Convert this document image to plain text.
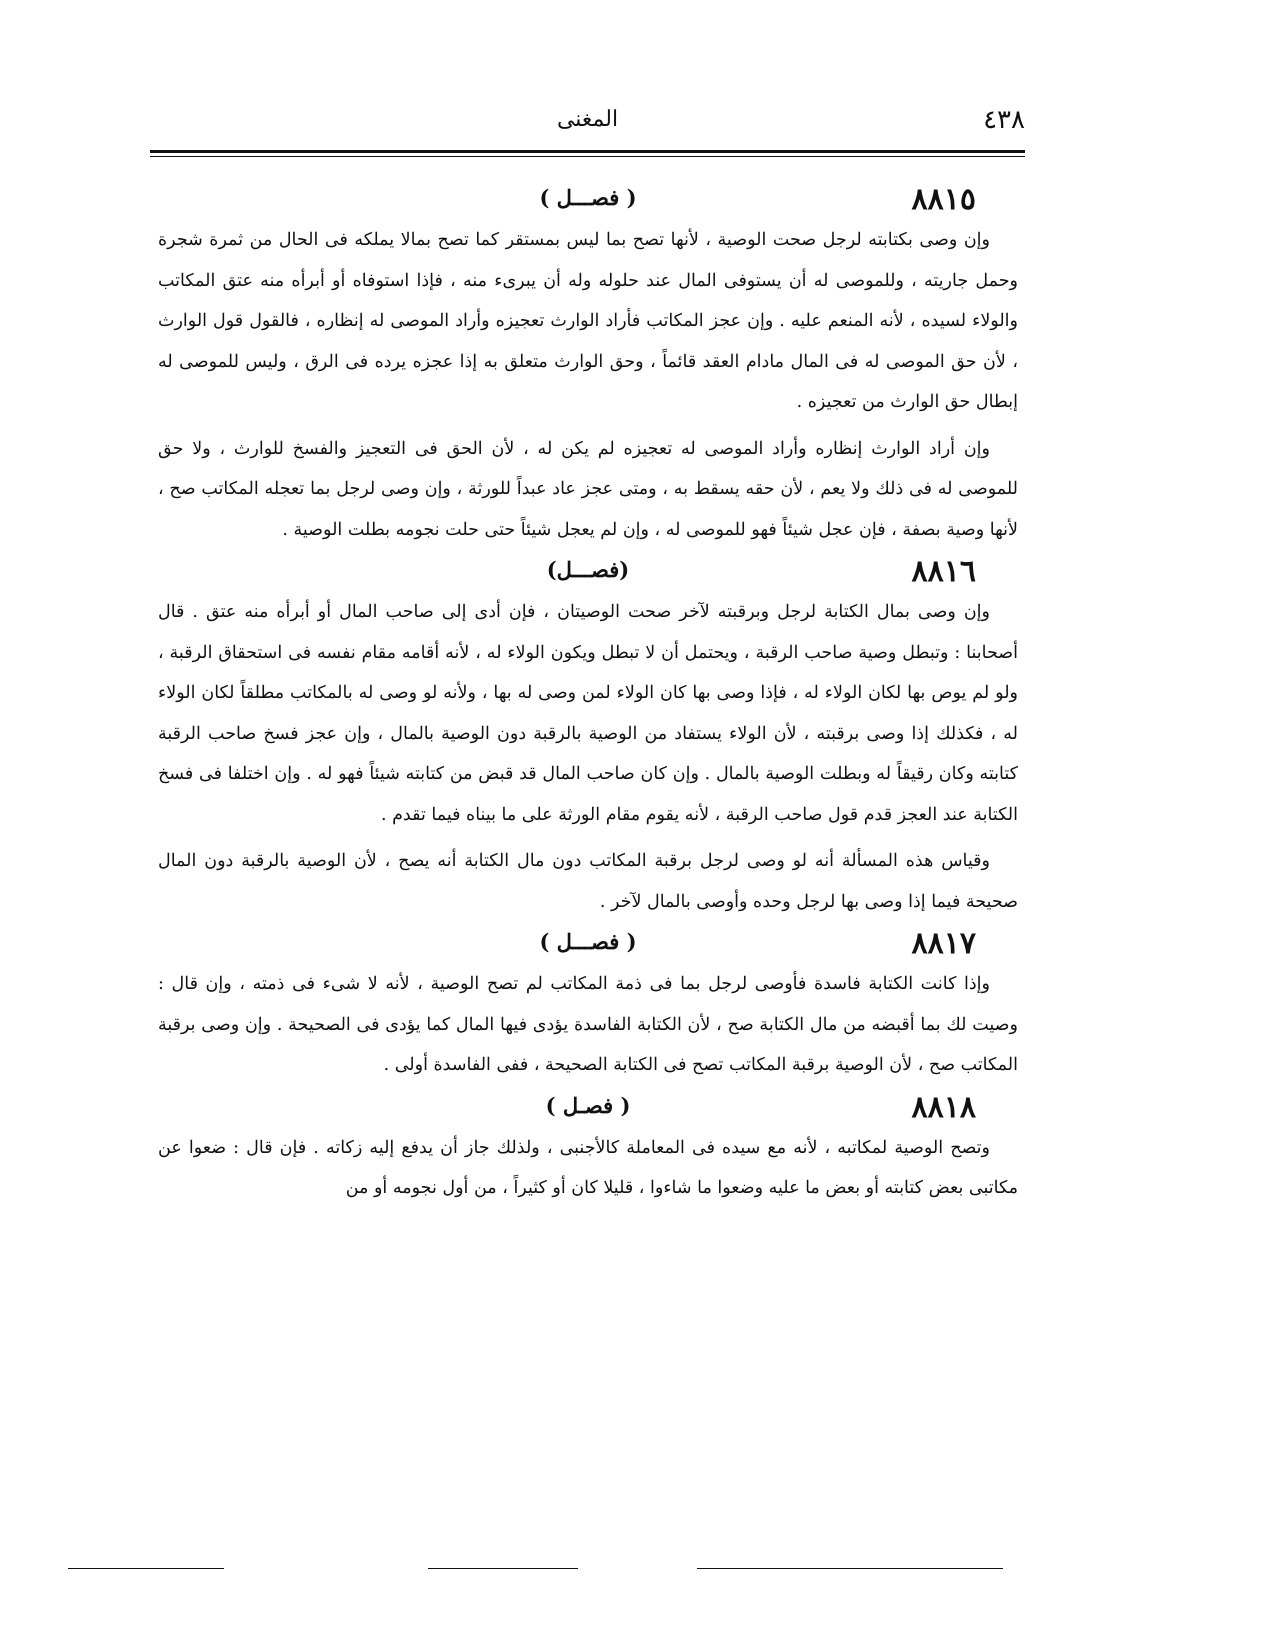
٤٣٨
المغنى
٨٨١٥
( فصـــل )

وإن وصى بكتابته لرجل صحت الوصية ، لأنها تصح بما ليس بمستقر كما تصح بمالا يملكه فى الحال من ثمرة شجرة وحمل جاريته ، وللموصى له أن يستوفى المال عند حلوله وله أن يبرىء منه ، فإذا استوفاه أو أبرأه منه عتق المكاتب والولاء لسيده ، لأنه المنعم عليه . وإن عجز المكاتب فأراد الوارث تعجيزه وأراد الموصى له إنظاره ، فالقول قول الوارث ، لأن حق الموصى له فى المال مادام العقد قائماً ، وحق الوارث متعلق به إذا عجزه يرده فى الرق ، وليس للموصى له إبطال حق الوارث من تعجيزه .

وإن أراد الوارث إنظاره وأراد الموصى له تعجيزه لم يكن له ، لأن الحق فى التعجيز والفسخ للوارث ، ولا حق للموصى له فى ذلك ولا يعم ، لأن حقه يسقط به ، ومتى عجز عاد عبداً للورثة ، وإن وصى لرجل بما تعجله المكاتب صح ، لأنها وصية بصفة ، فإن عجل شيئاً فهو للموصى له ، وإن لم يعجل شيئاً حتى حلت نجومه بطلت الوصية .

٨٨١٦
(فصـــل)

وإن وصى بمال الكتابة لرجل وبرقبته لآخر صحت الوصيتان ، فإن أدى إلى صاحب المال أو أبرأه منه عتق . قال أصحابنا : وتبطل وصية صاحب الرقبة ، ويحتمل أن لا تبطل ويكون الولاء له ، لأنه أقامه مقام نفسه فى استحقاق الرقبة ، ولو لم يوص بها لكان الولاء له ، فإذا وصى بها كان الولاء لمن وصى له بها ، ولأنه لو وصى له بالمكاتب مطلقاً لكان الولاء له ، فكذلك إذا وصى برقبته ، لأن الولاء يستفاد من الوصية بالرقبة دون الوصية بالمال ، وإن عجز فسخ صاحب الرقبة كتابته وكان رقيقاً له وبطلت الوصية بالمال . وإن كان صاحب المال قد قبض من كتابته شيئاً فهو له . وإن اختلفا فى فسخ الكتابة عند العجز قدم قول صاحب الرقبة ، لأنه يقوم مقام الورثة على ما بيناه فيما تقدم .

وقياس هذه المسألة أنه لو وصى لرجل برقبة المكاتب دون مال الكتابة أنه يصح ، لأن الوصية بالرقبة دون المال صحيحة فيما إذا وصى بها لرجل وحده وأوصى بالمال لآخر .

٨٨١٧
( فصـــل )

وإذا كانت الكتابة فاسدة فأوصى لرجل بما فى ذمة المكاتب لم تصح الوصية ، لأنه لا شىء فى ذمته ، وإن قال : وصيت لك بما أقبضه من مال الكتابة صح ، لأن الكتابة الفاسدة يؤدى فيها المال كما يؤدى فى الصحيحة . وإن وصى برقبة المكاتب صح ، لأن الوصية برقبة المكاتب تصح فى الكتابة الصحيحة ، ففى الفاسدة أولى .

٨٨١٨
( فصـل )

وتصح الوصية لمكاتبه ، لأنه مع سيده فى المعاملة كالأجنبى ، ولذلك جاز أن يدفع إليه زكاته . فإن قال : ضعوا عن مكاتبى بعض كتابته أو بعض ما عليه وضعوا ما شاءوا ، قليلا كان أو كثيراً ، من أول نجومه أو من
